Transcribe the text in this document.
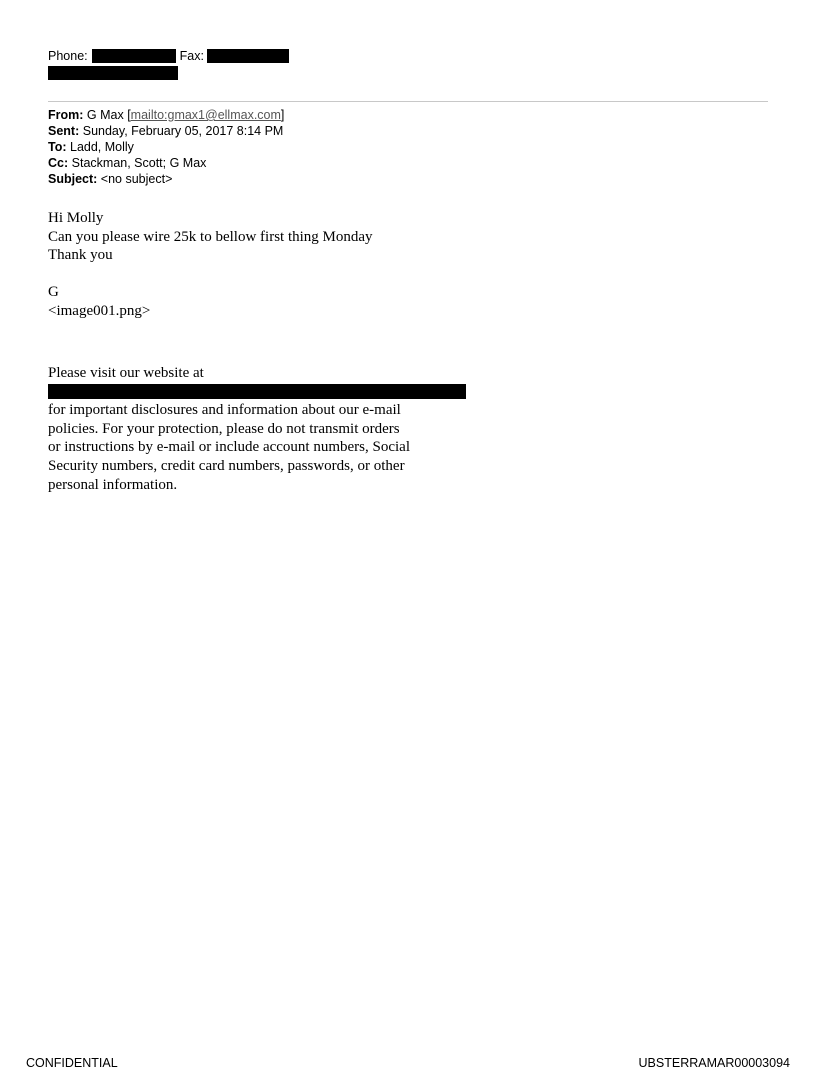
Phone:	Fax:
From: G Max [mailto:gmax1@ellmax.com]
Sent: Sunday, February 05, 2017 8:14 PM
To: Ladd, Molly
Cc: Stackman, Scott; G Max
Subject: <no subject>
Hi Molly
Can you please wire 25k to bellow first thing Monday
Thank you
G
<image001.png>
Please visit our website at
for important disclosures and information about our e-mail
policies. For your protection, please do not transmit orders
or instructions by e-mail or include account numbers, Social
Security numbers, credit card numbers, passwords, or other
personal information.
CONFIDENTIAL	UBSTERRAMAR00003094
